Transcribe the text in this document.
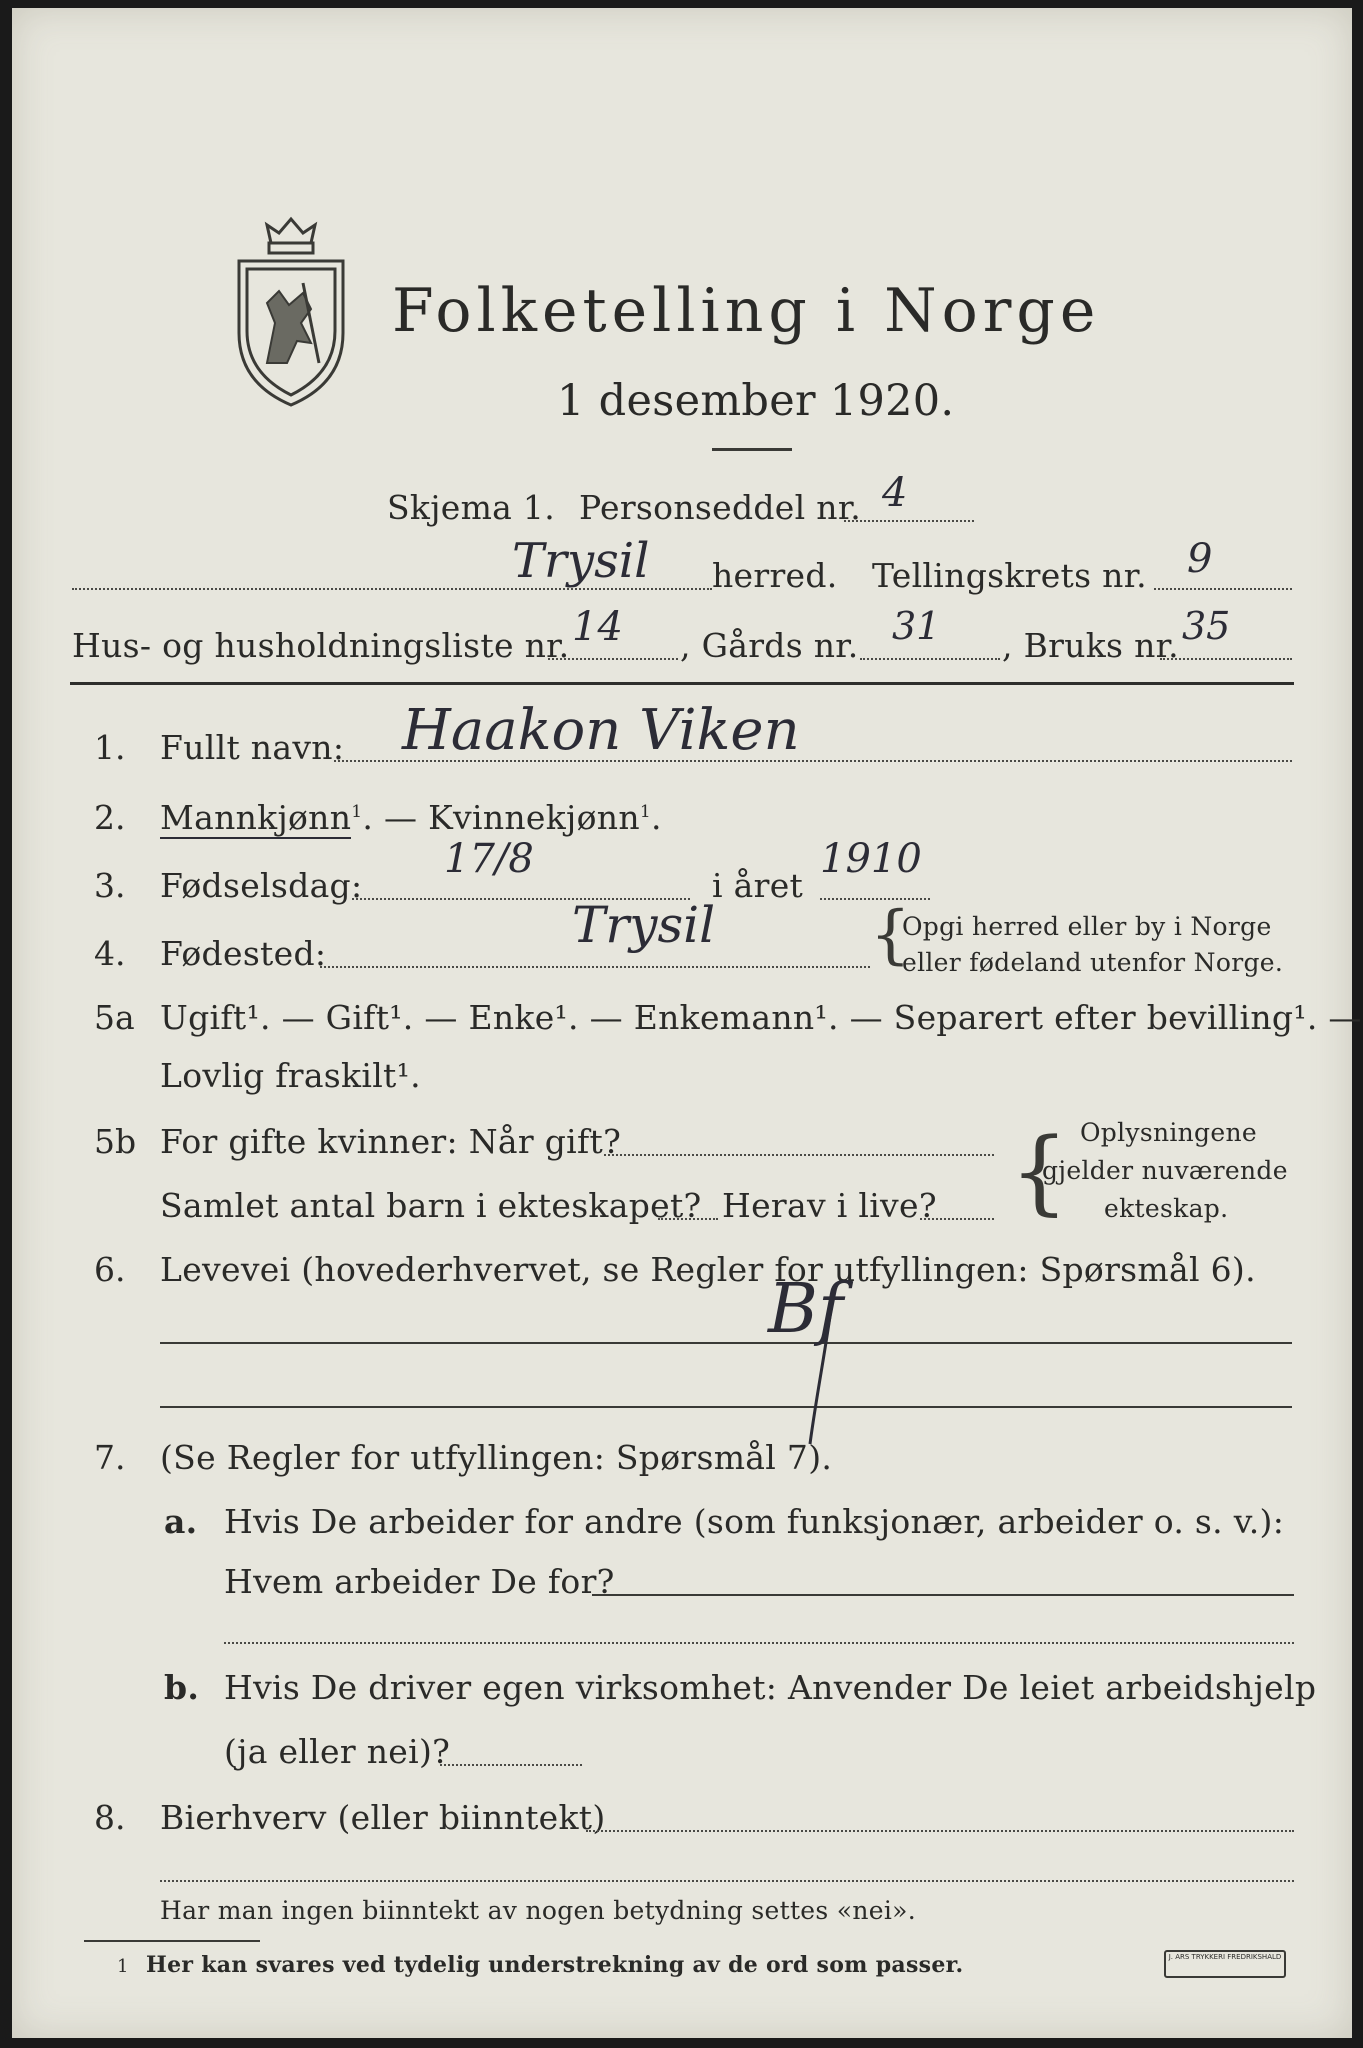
Folketelling i Norge
1 desember 1920.
Skjema 1. Personseddel nr. 4
Trysil herred. Tellingskrets nr. 9
Hus- og husholdningsliste nr. 14 , Gårds nr. 31 , Bruks nr. 35
1. Fullt navn: Haakon Viken
2. Mannkjønn$^1$. — Kvinnekjønn$^1$.
3. Fødselsdag:
17/8
i året
1910
4. Fødested:	Trysil {
Opgi herred eller by i Norge
eller fødeland utenfor Norge.
5a Ugift¹. — Gift¹. — Enke¹. — Enkemann¹. — Separert efter bevilling¹. —
Lovlig fraskilt¹.
5b For gifte kvinner: Når gift?
Samlet antal barn i ekteskapet? Herav i live? { Oplysningene
gjelder nuværende
ekteskap.
6. Levevei (hovederhvervet, se Regler for utfyllingen: Spørsmål 6).
Bf
7. (Se Regler for utfyllingen: Spørsmål 7).
a. Hvis De arbeider for andre (som funksjonær, arbeider o. s. v.):
Hvem arbeider De for?
b. Hvis De driver egen virksomhet: Anvender De leiet arbeidshjelp
(ja eller nei)?
8. Bierhverv (eller biinntekt)
Har man ingen biinntekt av nogen betydning settes «nei».
1 Her kan svares ved tydelig understrekning av de ord som passer.	J. ARS TRYKKERI FREDRIKSHALD
